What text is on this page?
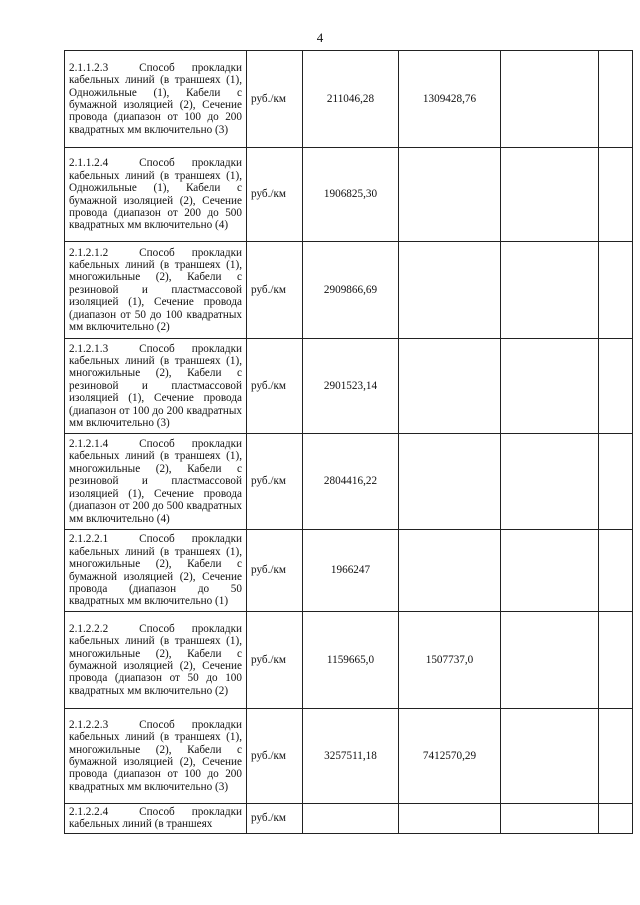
4
2.1.1.2.3 Способ прокладки кабельных линий (в траншеях (1), Одножильные (1), Кабели с бумажной изоляцией (2), Сечение провода (диапазон от 100 до 200 квадратных мм включительно (3)	руб./км	211046,28	1309428,76		
2.1.1.2.4 Способ прокладки кабельных линий (в траншеях (1), Одножильные (1), Кабели с бумажной изоляцией (2), Сечение провода (диапазон от 200 до 500 квадратных мм включительно (4)	руб./км	1906825,30			
2.1.2.1.2 Способ прокладки кабельных линий (в траншеях (1), многожильные (2), Кабели с резиновой и пластмассовой изоляцией (1), Сечение провода (диапазон от 50 до 100 квадратных мм включительно (2)	руб./км	2909866,69			
2.1.2.1.3 Способ прокладки кабельных линий (в траншеях (1), многожильные (2), Кабели с резиновой и пластмассовой изоляцией (1), Сечение провода (диапазон от 100 до 200 квадратных мм включительно (3)	руб./км	2901523,14			
2.1.2.1.4 Способ прокладки кабельных линий (в траншеях (1), многожильные (2), Кабели с резиновой и пластмассовой изоляцией (1), Сечение провода (диапазон от 200 до 500 квадратных мм включительно (4)	руб./км	2804416,22			
2.1.2.2.1 Способ прокладки кабельных линий (в траншеях (1), многожильные (2), Кабели с бумажной изоляцией (2), Сечение провода (диапазон до 50 квадратных мм включительно (1)	руб./км	1966247			
2.1.2.2.2 Способ прокладки кабельных линий (в траншеях (1), многожильные (2), Кабели с бумажной изоляцией (2), Сечение провода (диапазон от 50 до 100 квадратных мм включительно (2)	руб./км	1159665,0	1507737,0		
2.1.2.2.3 Способ прокладки кабельных линий (в траншеях (1), многожильные (2), Кабели с бумажной изоляцией (2), Сечение провода (диапазон от 100 до 200 квадратных мм включительно (3)	руб./км	3257511,18	7412570,29		
2.1.2.2.4 Способ прокладки кабельных линий (в траншеях	руб./км				
